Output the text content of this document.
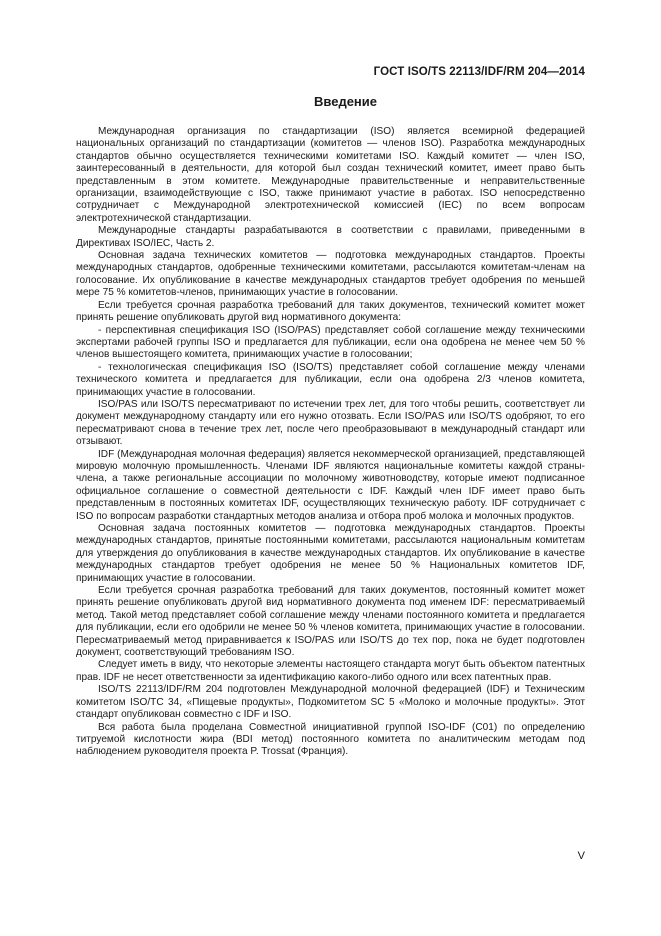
ГОСТ ISO/TS 22113/IDF/RM 204—2014
Введение

Международная организация по стандартизации (ISO) является всемирной федерацией национальных организаций по стандартизации (комитетов — членов ISO). Разработка международных стандартов обычно осуществляется техническими комитетами ISO. Каждый комитет — член ISO, заинтересованный в деятельности, для которой был создан технический комитет, имеет право быть представленным в этом комитете. Международные правительственные и неправительственные организации, взаимодействующие с ISO, также принимают участие в работах. ISO непосредственно сотрудничает с Международной электротехнической комиссией (IEC) по всем вопросам электротехнической стандартизации.

Международные стандарты разрабатываются в соответствии с правилами, приведенными в Директивах ISO/IEC, Часть 2.

Основная задача технических комитетов — подготовка международных стандартов. Проекты международных стандартов, одобренные техническими комитетами, рассылаются комитетам-членам на голосование. Их опубликование в качестве международных стандартов требует одобрения по меньшей мере 75 % комитетов-членов, принимающих участие в голосовании.

Если требуется срочная разработка требований для таких документов, технический комитет может принять решение опубликовать другой вид нормативного документа:

- перспективная спецификация ISO (ISO/PAS) представляет собой соглашение между техническими экспертами рабочей группы ISO и предлагается для публикации, если она одобрена не менее чем 50 % членов вышестоящего комитета, принимающих участие в голосовании;

- технологическая спецификация ISO (ISO/TS) представляет собой соглашение между членами технического комитета и предлагается для публикации, если она одобрена 2/3 членов комитета, принимающих участие в голосовании.

ISO/PAS или ISO/TS пересматривают по истечении трех лет, для того чтобы решить, соответствует ли документ международному стандарту или его нужно отозвать. Если ISO/PAS или ISO/TS одобряют, то его пересматривают снова в течение трех лет, после чего преобразовывают в международный стандарт или отзывают.

IDF (Международная молочная федерация) является некоммерческой организацией, представляющей мировую молочную промышленность. Членами IDF являются национальные комитеты каждой страны-члена, а также региональные ассоциации по молочному животноводству, которые имеют подписанное официальное соглашение о совместной деятельности с IDF. Каждый член IDF имеет право быть представленным в постоянных комитетах IDF, осуществляющих техническую работу. IDF сотрудничает с ISO по вопросам разработки стандартных методов анализа и отбора проб молока и молочных продуктов.

Основная задача постоянных комитетов — подготовка международных стандартов. Проекты международных стандартов, принятые постоянными комитетами, рассылаются национальным комитетам для утверждения до опубликования в качестве международных стандартов. Их опубликование в качестве международных стандартов требует одобрения не менее 50 % Национальных комитетов IDF, принимающих участие в голосовании.

Если требуется срочная разработка требований для таких документов, постоянный комитет может принять решение опубликовать другой вид нормативного документа под именем IDF: пересматриваемый метод. Такой метод представляет собой соглашение между членами постоянного комитета и предлагается для публикации, если его одобрили не менее 50 % членов комитета, принимающих участие в голосовании. Пересматриваемый метод приравнивается к ISO/PAS или ISO/TS до тех пор, пока не будет подготовлен документ, соответствующий требованиям ISO.

Следует иметь в виду, что некоторые элементы настоящего стандарта могут быть объектом патентных прав. IDF не несет ответственности за идентификацию какого-либо одного или всех патентных прав.

ISO/TS 22113/IDF/RM 204 подготовлен Международной молочной федерацией (IDF) и Техническим комитетом ISO/TC 34, «Пищевые продукты», Подкомитетом SC 5 «Молоко и молочные продукты». Этот стандарт опубликован совместно с IDF и ISO.

Вся работа была проделана Совместной инициативной группой ISO-IDF (C01) по определению титруемой кислотности жира (BDI метод) постоянного комитета по аналитическим методам под наблюдением руководителя проекта P. Trossat (Франция).

V
